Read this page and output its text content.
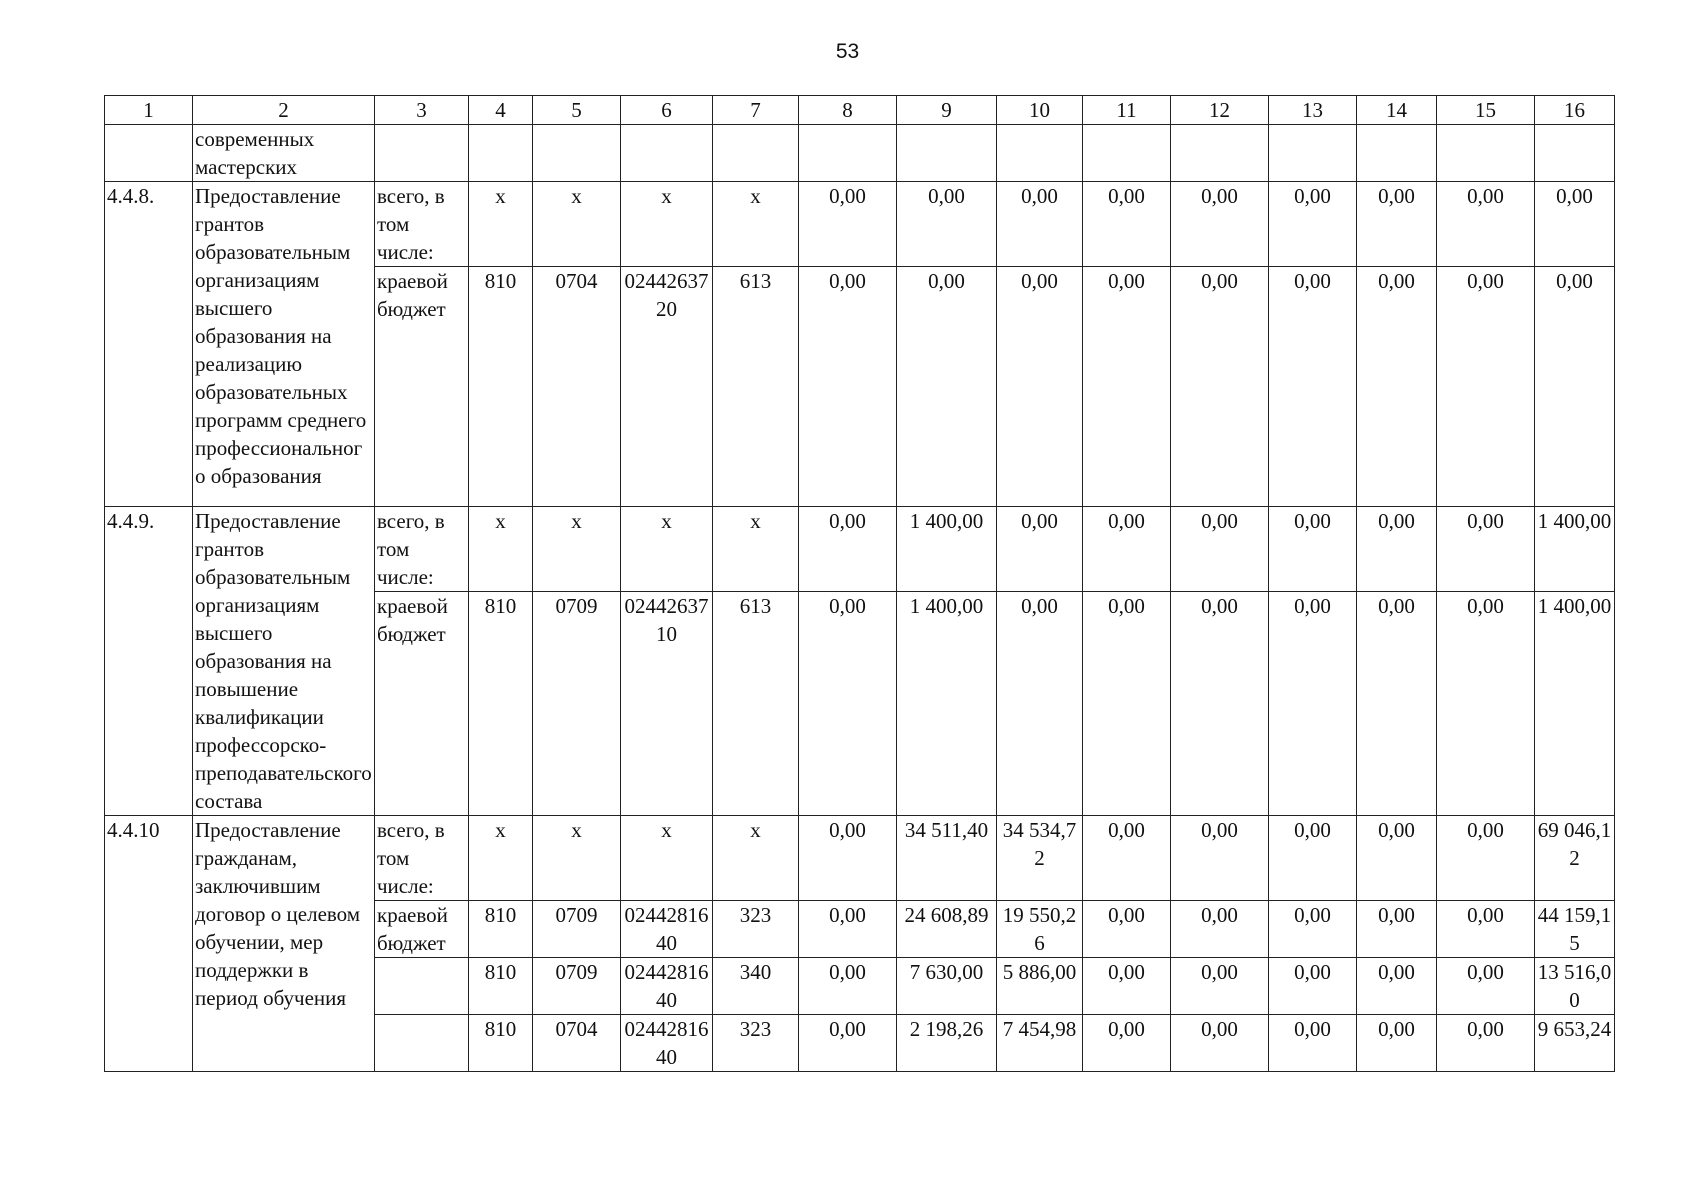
53
1	2	3	4	5	6	7	8	9	10	11	12	13	14	15	16
	современных мастерских														
4.4.8.	Предоставление грантов образовательным организациям высшего образования на реализацию образовательных программ среднего профессионального образования	всего, в том числе:	х	х	х	х	0,00	0,00	0,00	0,00	0,00	0,00	0,00	0,00	0,00
		краевой бюджет	810	0704	0244263720	613	0,00	0,00	0,00	0,00	0,00	0,00	0,00	0,00	0,00
4.4.9.	Предоставление грантов образовательным организациям высшего образования на повышение квалификации профессорско-преподавательского состава	всего, в том числе:	х	х	х	х	0,00	1 400,00	0,00	0,00	0,00	0,00	0,00	0,00	1 400,00
		краевой бюджет	810	0709	0244263710	613	0,00	1 400,00	0,00	0,00	0,00	0,00	0,00	0,00	1 400,00
4.4.10	Предоставление гражданам, заключившим договор о целевом обучении, мер поддержки в период обучения	всего, в том числе:	х	х	х	х	0,00	34 511,40	34 534,72	0,00	0,00	0,00	0,00	0,00	69 046,12
		краевой бюджет	810	0709	0244281640	323	0,00	24 608,89	19 550,26	0,00	0,00	0,00	0,00	0,00	44 159,15
			810	0709	0244281640	340	0,00	7 630,00	5 886,00	0,00	0,00	0,00	0,00	0,00	13 516,00
			810	0704	0244281640	323	0,00	2 198,26	7 454,98	0,00	0,00	0,00	0,00	0,00	9 653,24
